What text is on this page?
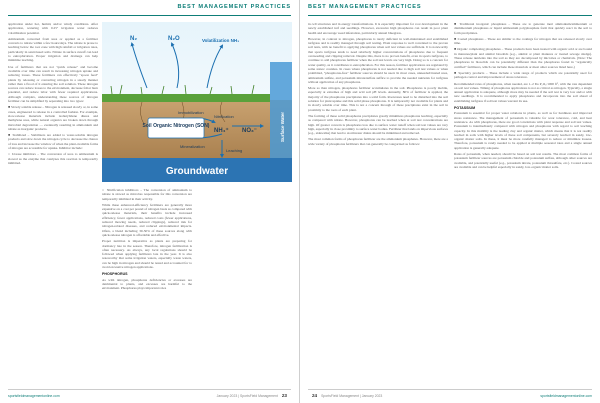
BEST MANAGEMENT PRACTICES

application under hot, humid, and/or windy conditions. After application, watering with 0.25" irrigation water reduces volatilization potential.

Ammonium converted from urea or applied as a fertilizer converts to nitrate within a few hours/days. The nitrate is prone to leaching below the root zone with high rainfall or irrigation rates, particularly in sand-based soils. Nitrate in surface runoff can lead to eutrophication. Proper irrigation and drainage can help minimize leaching.

Use of fertilizers that are not "quick release" and become available over time can result in increasing nitrogen uptake and reducing losses. These fertilizers can effectively "spoon feed" plants by releasing or converting nitrogen in a steady manner rather than a flood of it entering the soil solution. These nitrogen sources can reduce losses to the environment, decrease foliar burn potential, and reduce labor with fewer required applications. Although complex, understanding these sources of nitrogen fertilizer can be simplified by separating into two types:

■ Slowly soluble release – Nitrogen is released slowly or, in some cases, engineered to release in a controlled fashion. For example, slow-release materials include isobutylidene diurea and methylene urea, while natural organics are broken down through microbial degradation — eventually resulting in ammonium and nitrate as inorganic products.

■ Stabilized – Stabilizers are added to water-soluble nitrogen products and slow down the nitrogen cycle to decrease the chance of loss and increase the window of when the plant-available forms of nitrogen are accessible for uptake. Inhibitor include:

○ Urease inhibitors – The conversion of urea to ammonium is slowed as the enzyme that catalyzes this reaction is temporarily inhibited.

Soil Organic Nitrogen (SON)
N₂	N₂O	Volatilization NH₃
Nitrification
Immobilization
Mineralization
NH₄⁺ NO₃⁻
Leaching
Surface Water
Groundwater

○ Nitrification inhibitors – The conversion of ammonium to nitrate is slowed as microbes responsible for this conversion are temporarily inhibited in their activity.

While these enhanced-efficiency fertilizers are generally more expensive on a cost per pound of nitrogen basis as compared with quick-release materials, their benefits include increased efficiency, fewer applications, reduced costs (fewer applications, reduced mowing needs, reduced clippings), reduced risk for nitrogen-related diseases, and reduced environmental impacts. Often, a blend including 30-50% of these sources along with quick-release nitrogen is affordable and effective.

Proper nutrition is imperative as plants are preparing for dormancy late in the season. Therefore, nitrogen fertilization is often necessary. As always, any local regulations should be followed when applying fertilizers late in the year. It is also noteworthy that some irrigation waters, especially waste waters, can be high in nitrogen and should be tested and accounted for to avoid excessive nitrogen applications.

PHOSPHORUS

As with nitrogen, phosphorus deficiencies or excesses are detrimental to plants, and excesses are harmful to the environment. Phosphorus plays important roles

sportsfieldmanagementonline.com	January 2023 | SportsField Management 23
BEST MANAGEMENT PRACTICES

in cell structures and in energy transformations. It is especially important for root development in the newly established turf and seedlings. However, excessive high phosphorus can result in poor plant health and encourage weed infestation, particularly annual bluegrass.

However, in contrast to nitrogen, phosphorus is rarely deficient in well-maintained and established turfgrass and is readily managed through soil testing. Plant response is well correlated to the proven soil tests, with no benefit to applying phosphorus when soil test values are sufficient. It is noteworthy that sports turfgrass tends to need relatively higher concentrations of phosphorus due to frequent overseeding and clipping removal. Despite this, there is no proven benefit, even in sports turfgrass, to continue to add phosphorus fertilizer when the soil test levels are very high. Doing so is a concern for water quality, as it contributes to eutrophication. For this reason, fertilizer applications are regulated by some states/ counties. In cases where phosphorus is not needed due to high soil test values or when prohibited, "phosphorus-free" fertilizer sources should be used. In most cases, unneeded/trusted urea, ammonium sulfate, and potassium nitrate/sulfate suffice to provide the needed nutrients for turfgrass without application of any phosphorus.

More so than nitrogen, phosphorus fertilizer accumulates in the soil. Phosphorus is poorly mobile, especially at extremes of high and acid soil pH levels. Annually, 80% of fertilizer is applied, the majority of the phosphorus precipitates into a solid form. Rootzones need to be disturbed into the soil solution for plant uptake and this solid phase phosphorus. It is temporarily not available for plants and in slowly soluble over time. This is not a concern through of these precipitates exist in the soil in proximity to the roots of each plant.

The forming of these solid phosphorus precipitates greatly minimizes phosphorus leaching, especially as compared with nitrate. However, phosphorus can be leached when at soil test concentrations are high. Of greater concern is phosphorus loss due to surface water runoff when soil test values are very high, especially in close proximity to surface water bodies. Fertilizer that lands on impervious surfaces (e.g., sidewalks) that lead to stormwater drains should be minimized and removed.

The most common forms of phosphorus fertilizer are the ammonium phosphates. However, there are a wide variety of phosphorus fertilizers that can generally be categorized as follows:

■ Traditional inorganic phosphates – These are to generate inert ammonium/ammonium or diammonium phosphates or liquid ammonium polyphosphate form that quickly react in the soil to form precipitates.

■ Coated phosphates – These are similar to the coatings for nitrogen that are released slowly over time.

■ Organic complexing phosphates – These products have been treated with organic acid or are bound in manures/plant and animal biosolids (e.g., animal or plant manures or treated sewage sludge). These release nutrients into the soil as they are decomposed by microbes or chemicals. (Note: The phosphorus in biosolids can be potentially different than the phosphorus found in "organically certified" fertilizers, which can include these materials or meat other sources listed here.)

■ Specialty products – These include a wide range of products which are potentially used for pathogen control and improvement of stress tolerance.

Recommended rates of phosphorus, when needed, are 1–2 lbs P₂O₅/1000 ft², with the rate dependent on soil test values. Timing of phosphorus applications is not as critical as nitrogen. Typically, a single annual application is adequate, although more may be needed if the soil test is very low and/or with new seedlings. It is recommended to apply phosphorus and incorporate into the soil ahead of establishing turfgrass if soil test values warrant its use.

POTASSIUM

Potassium is essential for proper water relations in plants, as well as for hardiness and improved stress resistance. The management of potassium is valuable for wear tolerance, cold, and heat resistance. As with phosphorus, there are good correlations with plant response and soil test values. Potassium is intermediately compared with nitrogen and phosphorus with regard to soil leaching capacity. In this mobility is the leading clay and organic matter, which means that it is not readily leached in soils with higher levels of these soil components, but severely leached in sandy, low-organic matter soils. In these, it must be more carefully managed to reduce or minimize lossess. Therefore, potassium is rarely needed to be applied at multiple seasonal rates and a single annual application is generally adequate.

Rates of potassium, when needed, should be based on soil test results. The most common forms of potassium fertilizer sources are potassium chloride and potassium sulfate, although other sources are available, and potentially useful (e.g., potassium nitrate, potassium thiosulfate, etc.). Coated sources are available and can be helpful especially in sandy, low-organic matter soils.

24 SportsField Management | January 2023	sportsfieldmanagementonline.com
